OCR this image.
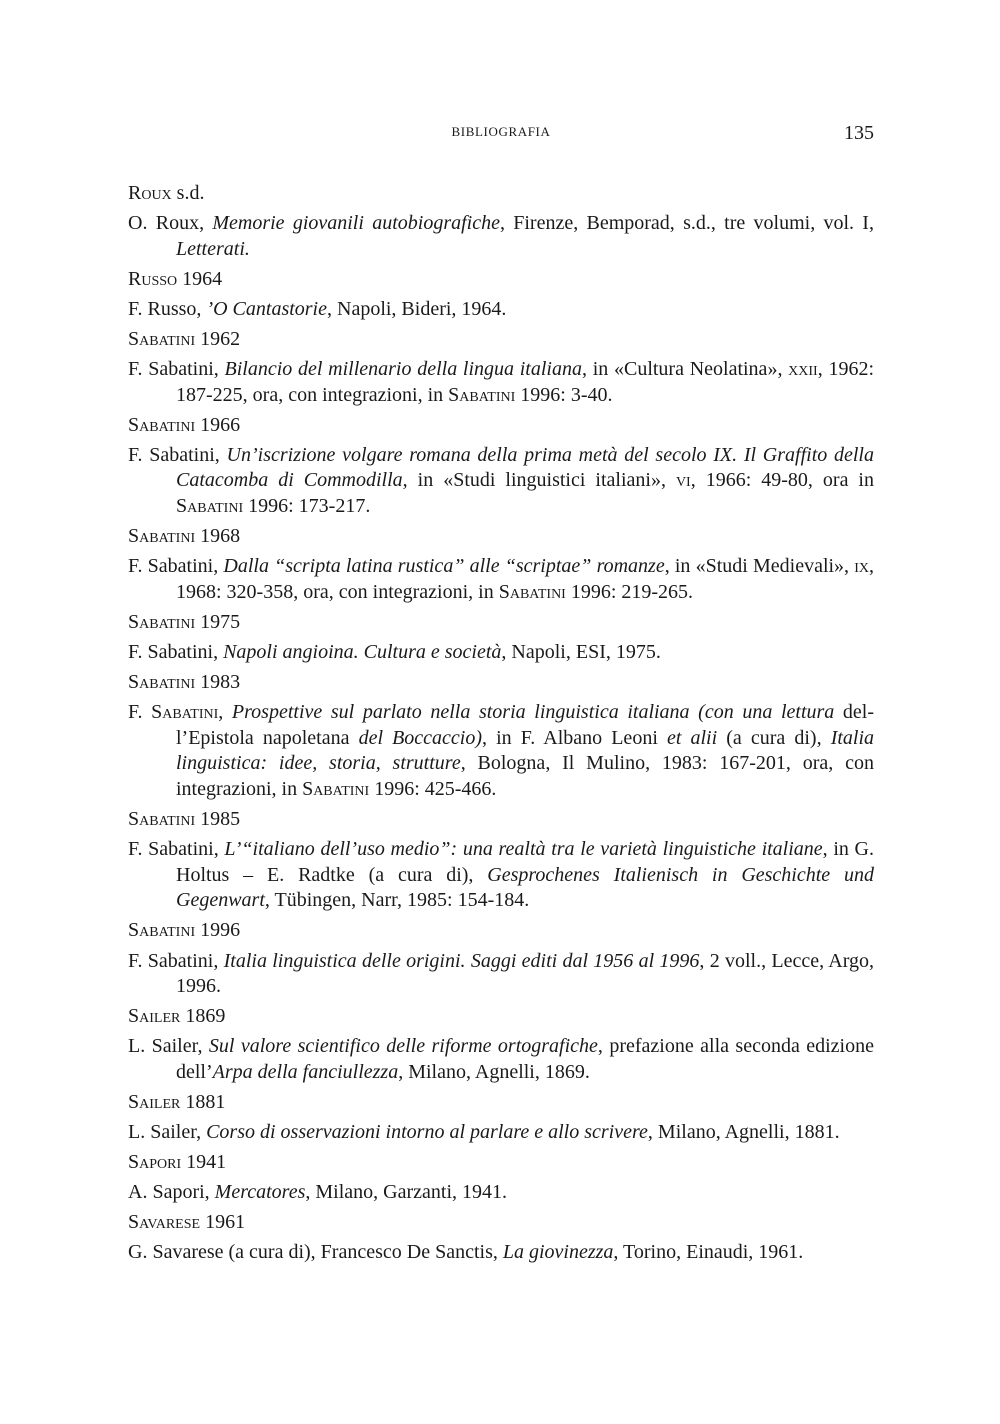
BIBLIOGRAFIA	135
Roux s.d.
O. Roux, Memorie giovanili autobiografiche, Firenze, Bemporad, s.d., tre volumi, vol. I, Letterati.
Russo 1964
F. Russo, ’O Cantastorie, Napoli, Bideri, 1964.
Sabatini 1962
F. Sabatini, Bilancio del millenario della lingua italiana, in «Cultura Neolatina», xxii, 1962: 187-225, ora, con integrazioni, in Sabatini 1996: 3-40.
Sabatini 1966
F. Sabatini, Un’iscrizione volgare romana della prima metà del secolo IX. Il Graffito della Catacomba di Commodilla, in «Studi linguistici italiani», vi, 1966: 49-80, ora in Sabatini 1996: 173-217.
Sabatini 1968
F. Sabatini, Dalla “scripta latina rustica” alle “scriptae” romanze, in «Studi Medievali», ix, 1968: 320-358, ora, con integrazioni, in Sabatini 1996: 219-265.
Sabatini 1975
F. Sabatini, Napoli angioina. Cultura e società, Napoli, ESI, 1975.
Sabatini 1983
F. Sabatini, Prospettive sul parlato nella storia linguistica italiana (con una lettura del-l’Epistola napoletana del Boccaccio), in F. Albano Leoni et alii (a cura di), Italia linguistica: idee, storia, strutture, Bologna, Il Mulino, 1983: 167-201, ora, con integrazioni, in Sabatini 1996: 425-466.
Sabatini 1985
F. Sabatini, L’“italiano dell’uso medio”: una realtà tra le varietà linguistiche italiane, in G. Holtus – E. Radtke (a cura di), Gesprochenes Italienisch in Geschichte und Gegenwart, Tübingen, Narr, 1985: 154-184.
Sabatini 1996
F. Sabatini, Italia linguistica delle origini. Saggi editi dal 1956 al 1996, 2 voll., Lecce, Argo, 1996.
Sailer 1869
L. Sailer, Sul valore scientifico delle riforme ortografiche, prefazione alla seconda edizione dell’Arpa della fanciullezza, Milano, Agnelli, 1869.
Sailer 1881
L. Sailer, Corso di osservazioni intorno al parlare e allo scrivere, Milano, Agnelli, 1881.
Sapori 1941
A. Sapori, Mercatores, Milano, Garzanti, 1941.
Savarese 1961
G. Savarese (a cura di), Francesco De Sanctis, La giovinezza, Torino, Einaudi, 1961.
